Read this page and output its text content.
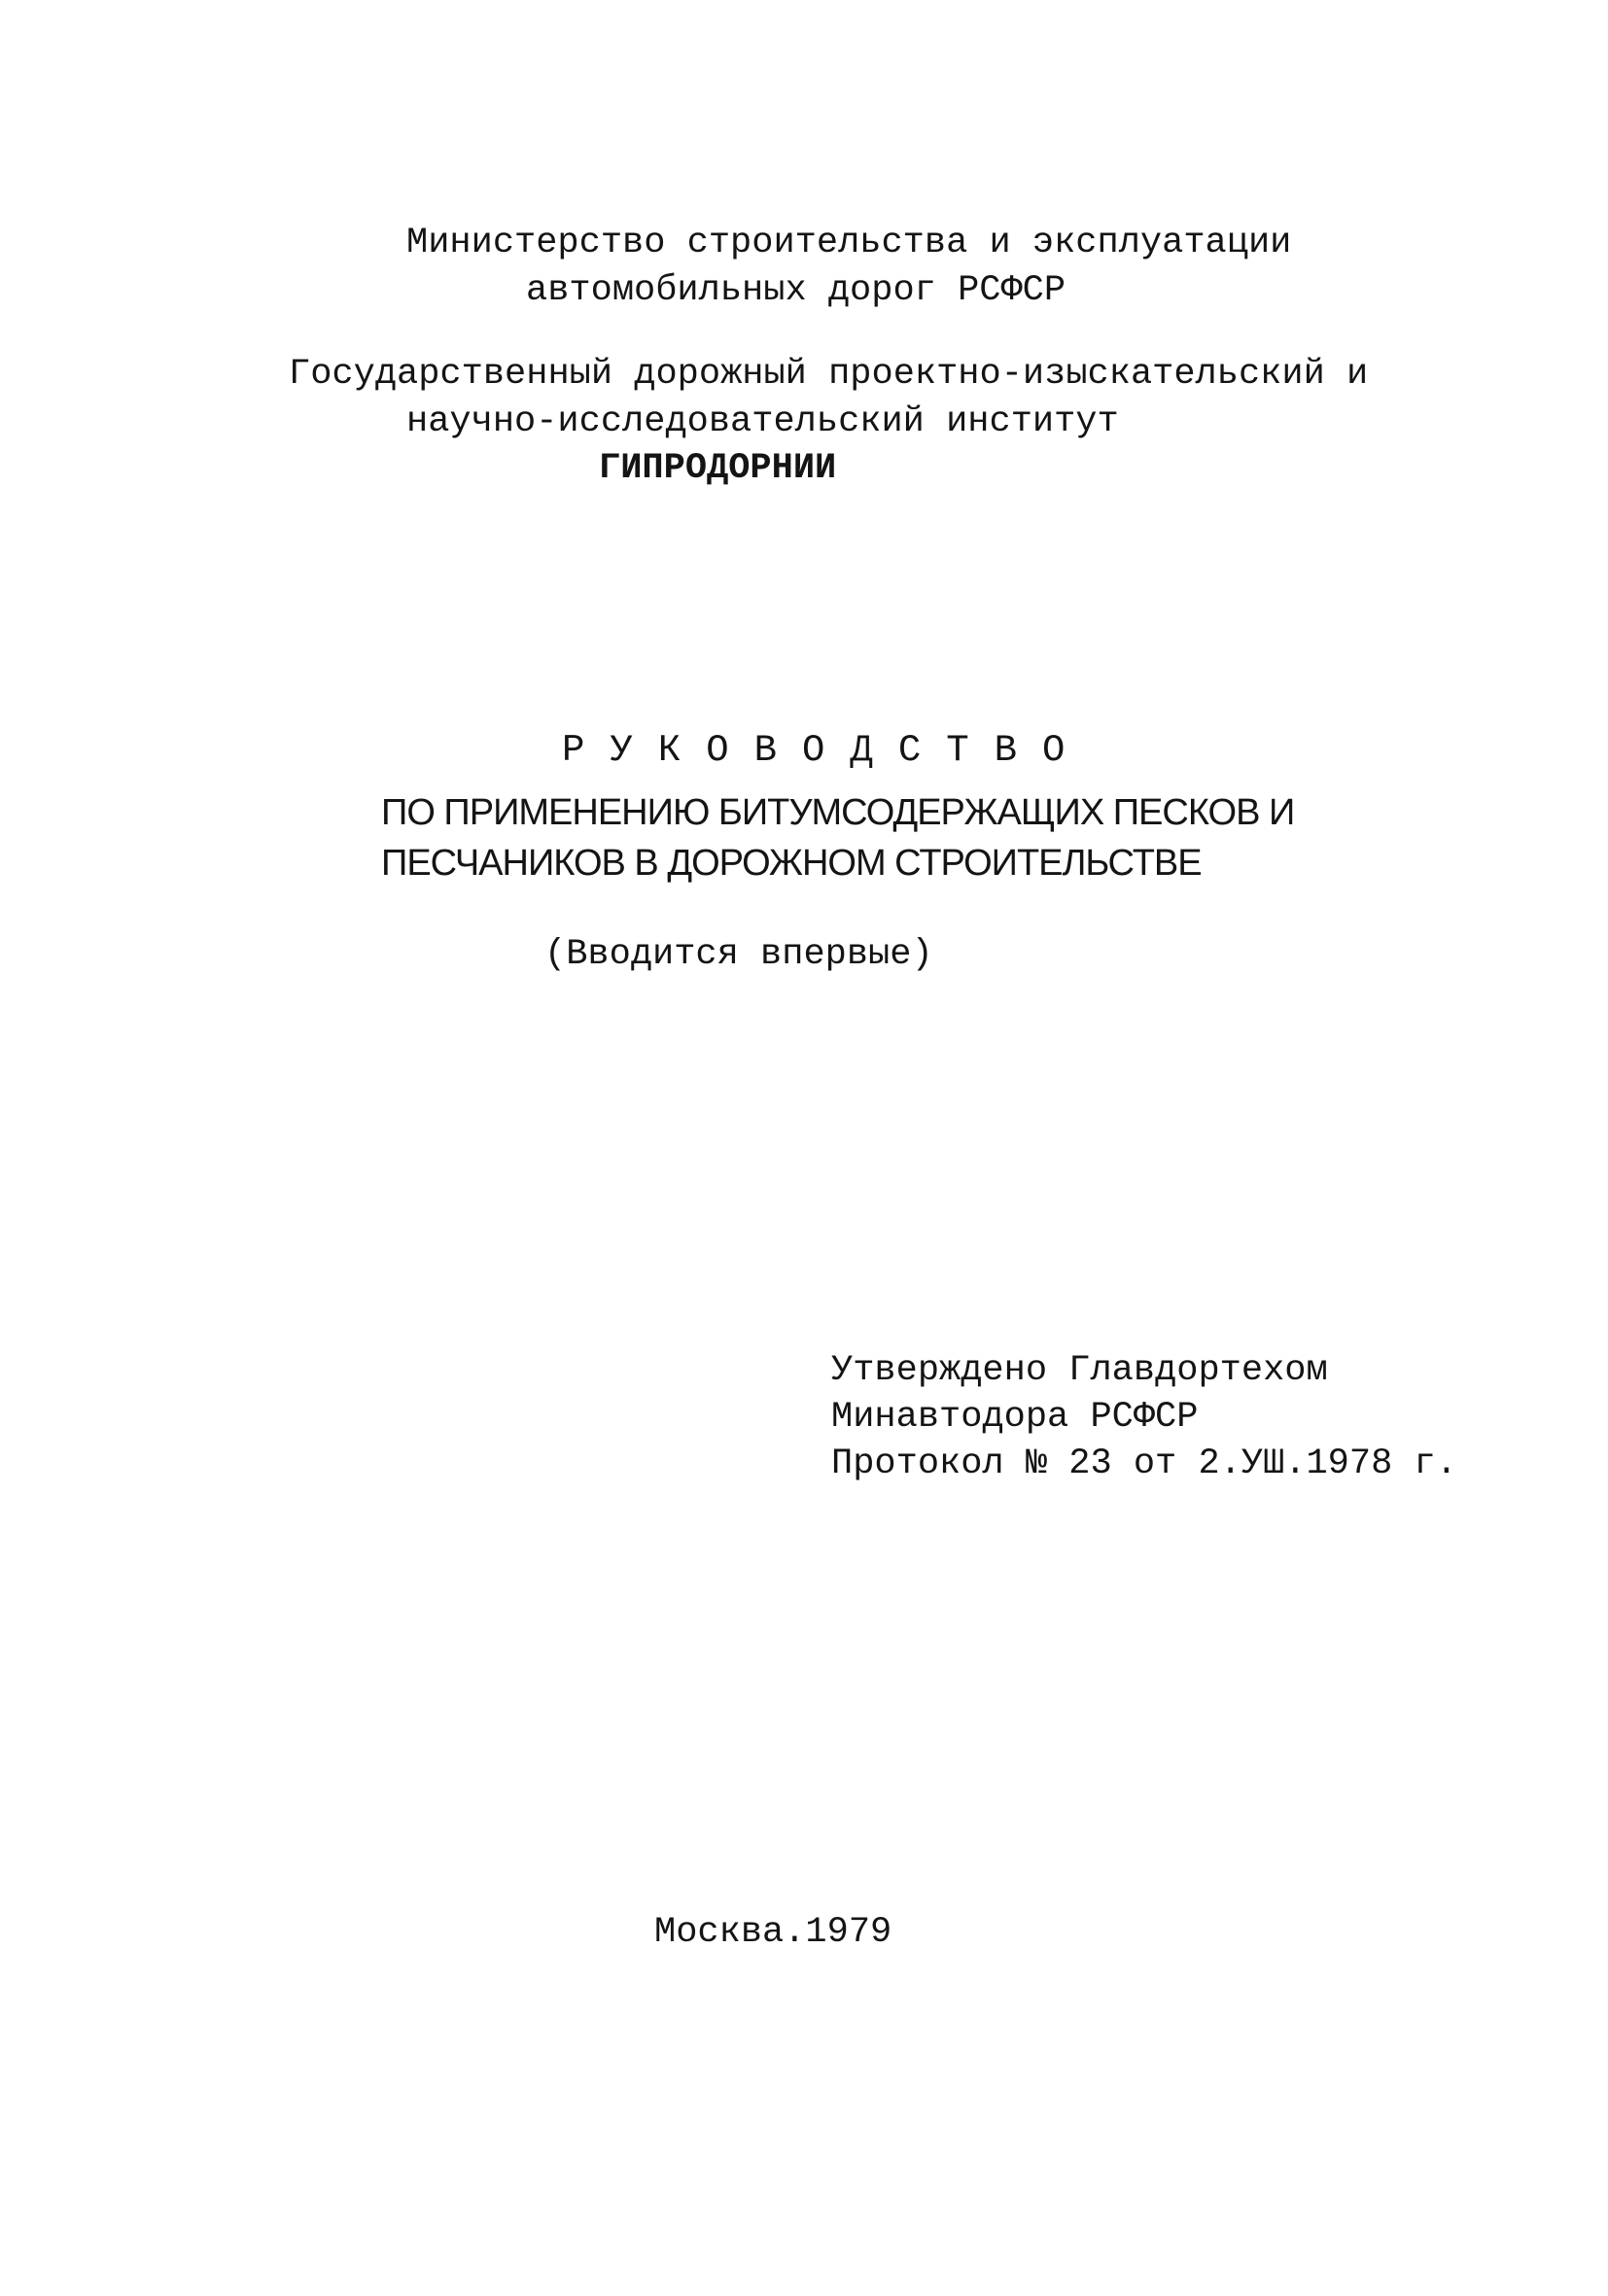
Министерство строительства и эксплуатации
автомобильных дорог РСФСР
Государственный дорожный проектно-изыскательский и
научно-исследовательский институт
ГИПРОДОРНИИ
РУКОВОДСТВО
ПО ПРИМЕНЕНИЮ БИТУМСОДЕРЖАЩИХ ПЕСКОВ И
ПЕСЧАНИКОВ В ДОРОЖНОМ СТРОИТЕЛЬСТВЕ
(Вводится впервые)
Утверждено Главдортехом
Минавтодора РСФСР
Протокол № 23 от 2.УШ.1978 г.
Москва.1979
